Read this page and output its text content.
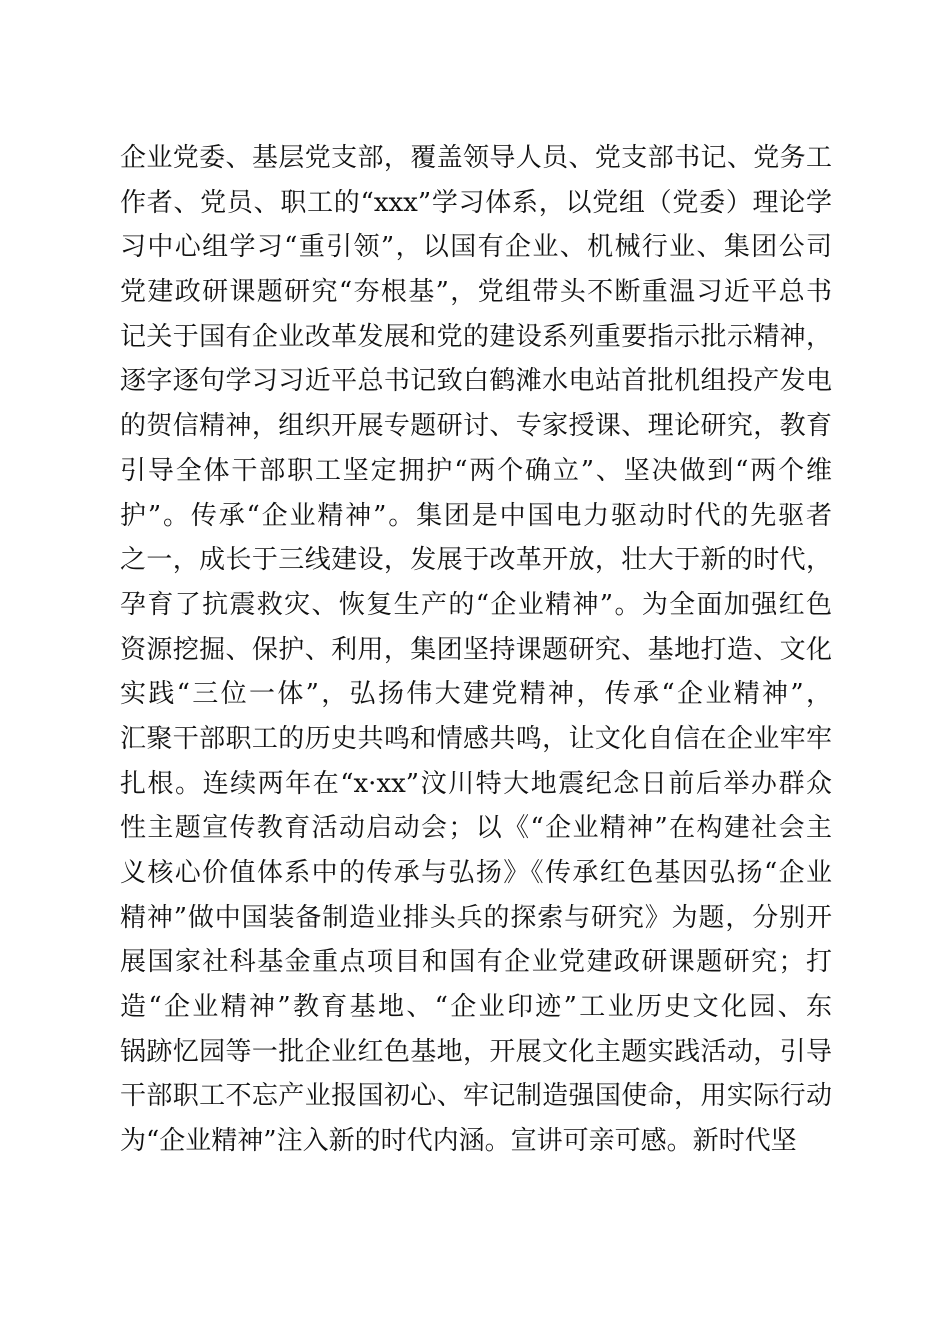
企业党委、基层党支部，覆盖领导人员、党支部书记、党务工
作者、党员、职工的“xxx”学习体系，以党组（党委）理论学
习中心组学习“重引领”，以国有企业、机械行业、集团公司
党建政研课题研究“夯根基”，党组带头不断重温习近平总书
记关于国有企业改革发展和党的建设系列重要指示批示精神，
逐字逐句学习习近平总书记致白鹤滩水电站首批机组投产发电
的贺信精神，组织开展专题研讨、专家授课、理论研究，教育
引导全体干部职工坚定拥护“两个确立”、坚决做到“两个维
护”。传承“企业精神”。集团是中国电力驱动时代的先驱者
之一，成长于三线建设，发展于改革开放，壮大于新的时代，
孕育了抗震救灾、恢复生产的“企业精神”。为全面加强红色
资源挖掘、保护、利用，集团坚持课题研究、基地打造、文化
实践“三位一体”，弘扬伟大建党精神，传承“企业精神”，
汇聚干部职工的历史共鸣和情感共鸣，让文化自信在企业牢牢
扎根。连续两年在“x·xx”汶川特大地震纪念日前后举办群众
性主题宣传教育活动启动会；以《“企业精神”在构建社会主
义核心价值体系中的传承与弘扬》《传承红色基因弘扬“企业
精神”做中国装备制造业排头兵的探索与研究》为题，分别开
展国家社科基金重点项目和国有企业党建政研课题研究；打
造“企业精神”教育基地、“企业印迹”工业历史文化园、东
锅跡忆园等一批企业红色基地，开展文化主题实践活动，引导
干部职工不忘产业报国初心、牢记制造强国使命，用实际行动
为“企业精神”注入新的时代内涵。宣讲可亲可感。新时代坚
